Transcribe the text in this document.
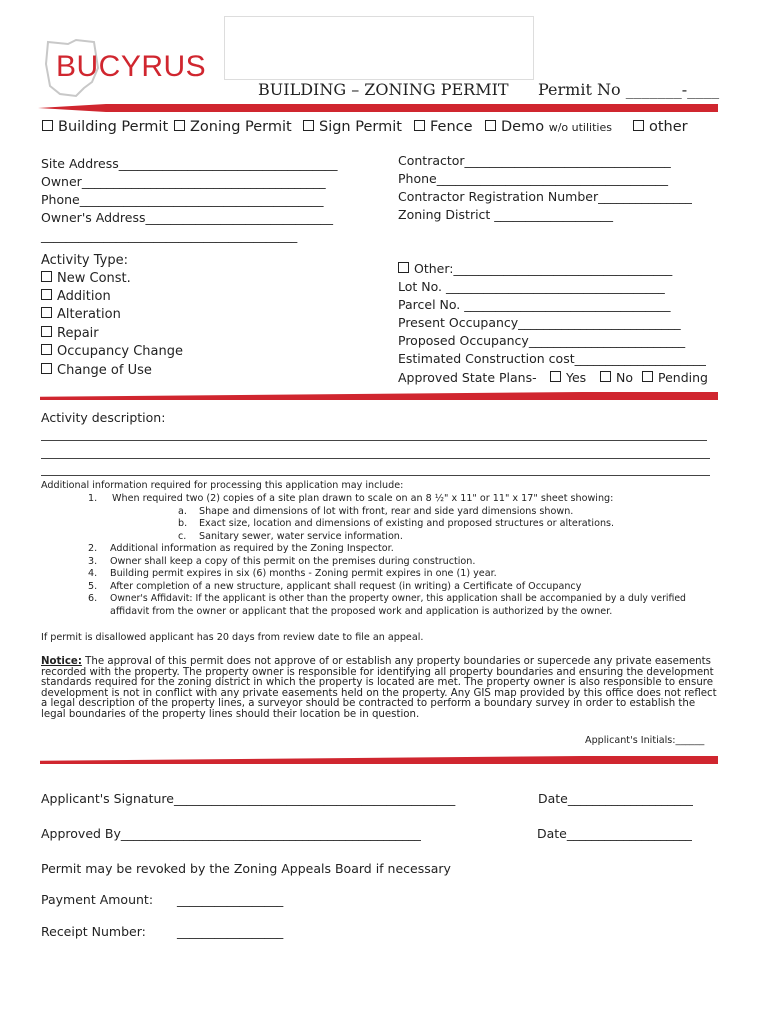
BUCYRUS
BUILDING – ZONING PERMIT Permit No _______-____
Building Permit	Zoning Permit	Sign Permit	Fence	Demo w/o utilities	other
Site Address___________________________________
Owner_______________________________________
Phone_______________________________________
Owner's Address______________________________
_________________________________________
Contractor_________________________________
Phone_____________________________________
Contractor Registration Number_______________
Zoning District ___________________
Activity Type:
New Const.
Addition
Alteration
Repair
Occupancy Change
Change of Use
Other:___________________________________
Lot No. ___________________________________
Parcel No. _________________________________
Present Occupancy__________________________
Proposed Occupancy_________________________
Estimated Construction cost_____________________
Approved State Plans-	Yes	No	Pending
Activity description:
Additional information required for processing this application may include:
1. When required two (2) copies of a site plan drawn to scale on an 8 ½" x 11" or 11" x 17" sheet showing:
a. Shape and dimensions of lot with front, rear and side yard dimensions shown.
b. Exact size, location and dimensions of existing and proposed structures or alterations.
c. Sanitary sewer, water service information.
2. Additional information as required by the Zoning Inspector.
3. Owner shall keep a copy of this permit on the premises during construction.
4. Building permit expires in six (6) months - Zoning permit expires in one (1) year.
5. After completion of a new structure, applicant shall request (in writing) a Certificate of Occupancy
6. Owner's Affidavit: If the applicant is other than the property owner, this application shall be accompanied by a duly verified
affidavit from the owner or applicant that the proposed work and application is authorized by the owner.
If permit is disallowed applicant has 20 days from review date to file an appeal.
Notice: The approval of this permit does not approve of or establish any property boundaries or supercede any private easements recorded with the property. The property owner is responsible for identifying all property boundaries and ensuring the development standards required for the zoning district in which the property is located are met. The property owner is also responsible to ensure development is not in conflict with any private easements held on the property. Any GIS map provided by this office does not reflect a legal description of the property lines, a surveyor should be contracted to perform a boundary survey in order to establish the legal boundaries of the property lines should their location be in question.
Applicant's Initials:______
Applicant's Signature_____________________________________________	Date____________________
Approved By________________________________________________	Date____________________
Permit may be revoked by the Zoning Appeals Board if necessary
Payment Amount: _________________
Receipt Number: _________________
